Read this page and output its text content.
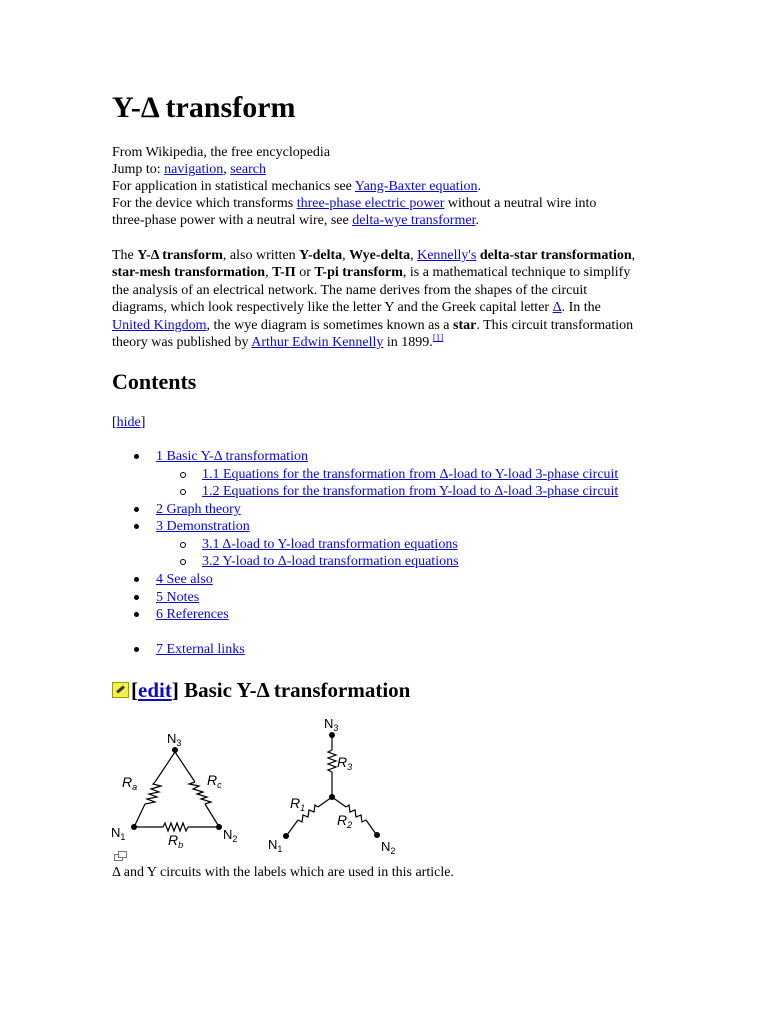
Y-Δ transform
From Wikipedia, the free encyclopedia
Jump to: navigation, search
For application in statistical mechanics see Yang-Baxter equation.
For the device which transforms three-phase electric power without a neutral wire into three-phase power with a neutral wire, see delta-wye transformer.
The Y-Δ transform, also written Y-delta, Wye-delta, Kennelly's delta-star transformation, star-mesh transformation, T-Π or T-pi transform, is a mathematical technique to simplify the analysis of an electrical network. The name derives from the shapes of the circuit diagrams, which look respectively like the letter Y and the Greek capital letter Δ. In the United Kingdom, the wye diagram is sometimes known as a star. This circuit transformation theory was published by Arthur Edwin Kennelly in 1899.[1]
Contents
[hide]
1 Basic Y-Δ transformation
1.1 Equations for the transformation from Δ-load to Y-load 3-phase circuit
1.2 Equations for the transformation from Y-load to Δ-load 3-phase circuit
2 Graph theory
3 Demonstration
3.1 Δ-load to Y-load transformation equations
3.2 Y-load to Δ-load transformation equations
4 See also
5 Notes
6 References
7 External links
[edit] Basic Y-Δ transformation
$N_3$
$N_1$	$N_2$
$R_a$	$R_c$
$R_b$
$N_3$
$N_1$	$N_2$
$R_3$
$R_1$
$R_2$
Δ and Y circuits with the labels which are used in this article.
